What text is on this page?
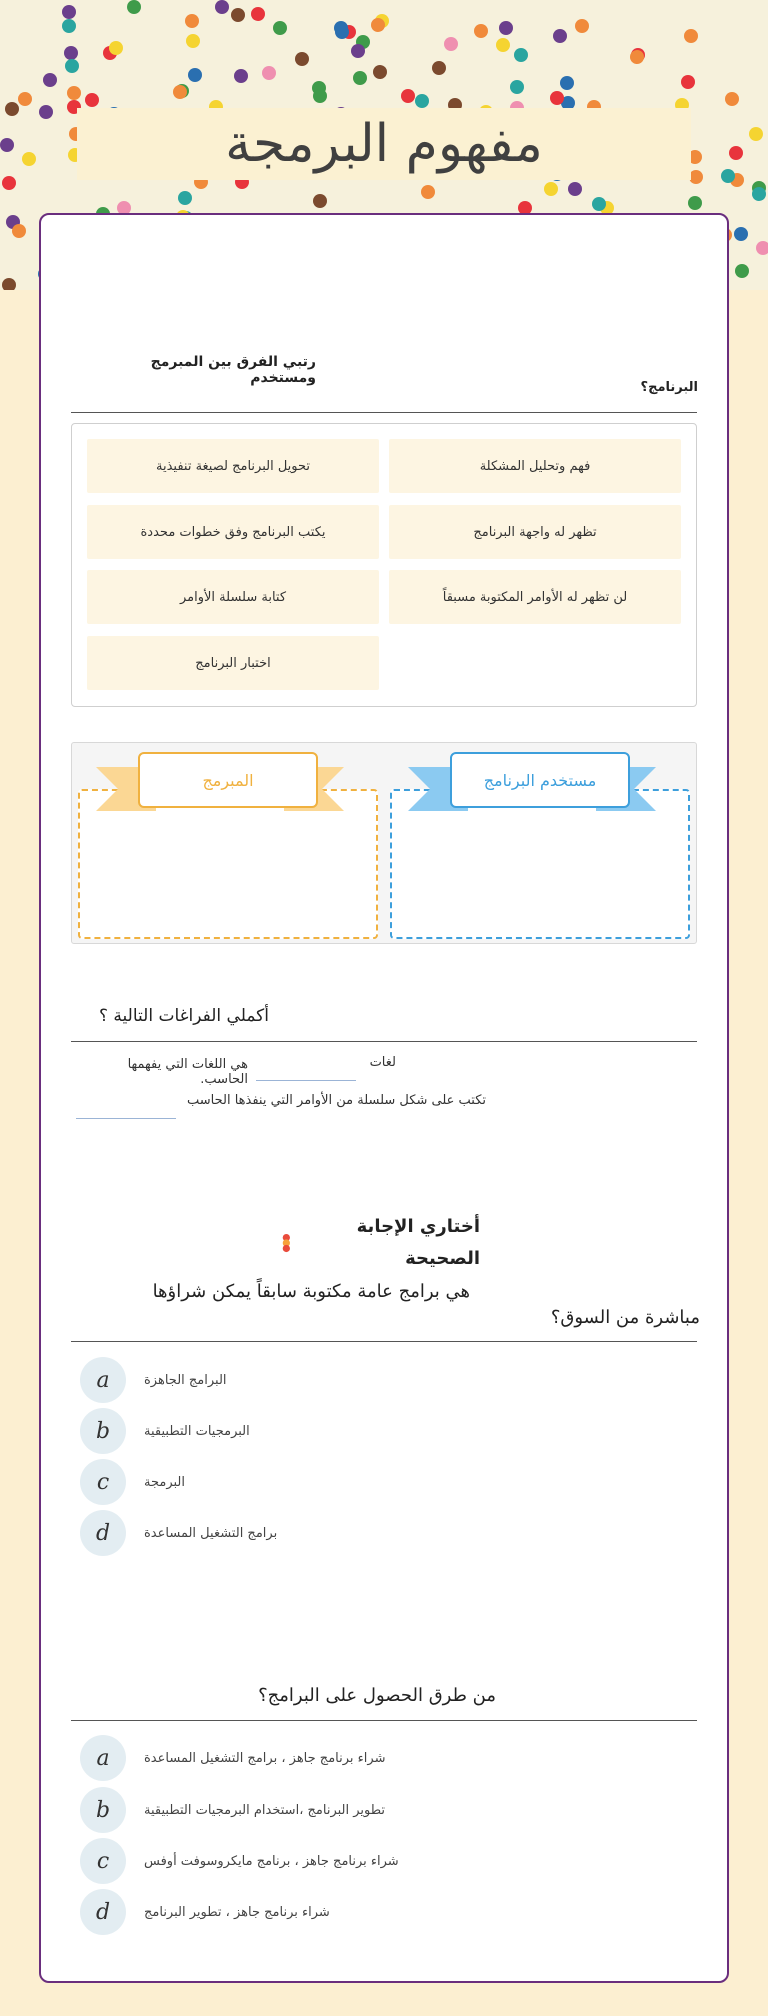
مفهوم البرمجة
رتبي الفرق بين المبرمج ومستخدم
البرنامج؟
فهم وتحليل المشكلة
تحويل البرنامج لصيغة تنفيذية
تظهر له واجهة البرنامج
يكتب البرنامج وفق خطوات محددة
لن تظهر له الأوامر المكتوبة مسبقاً
كتابة سلسلة الأوامر
اختبار البرنامج
مستخدم البرنامج
المبرمج
أكملي الفراغات التالية ؟
لغات
هي اللغات التي يفهمها الحاسب.
تكتب على شكل سلسلة من الأوامر التي ينفذها الحاسب
أختاري الإجابة الصحيحة
هي برامج عامة مكتوبة سابقاً يمكن شراؤها
مباشرة من السوق؟
a	البرامج الجاهزة
b	البرمجيات التطبيقية
c	البرمجة
d	برامج التشغيل المساعدة
من طرق الحصول على البرامج؟
a	شراء برنامج جاهز ، برامج التشغيل المساعدة
b	تطوير البرنامج ،استخدام البرمجيات التطبيقية
c	شراء برنامج جاهز ، برنامج مايكروسوفت أوفس
d	شراء برنامج جاهز ، تطوير البرنامج
